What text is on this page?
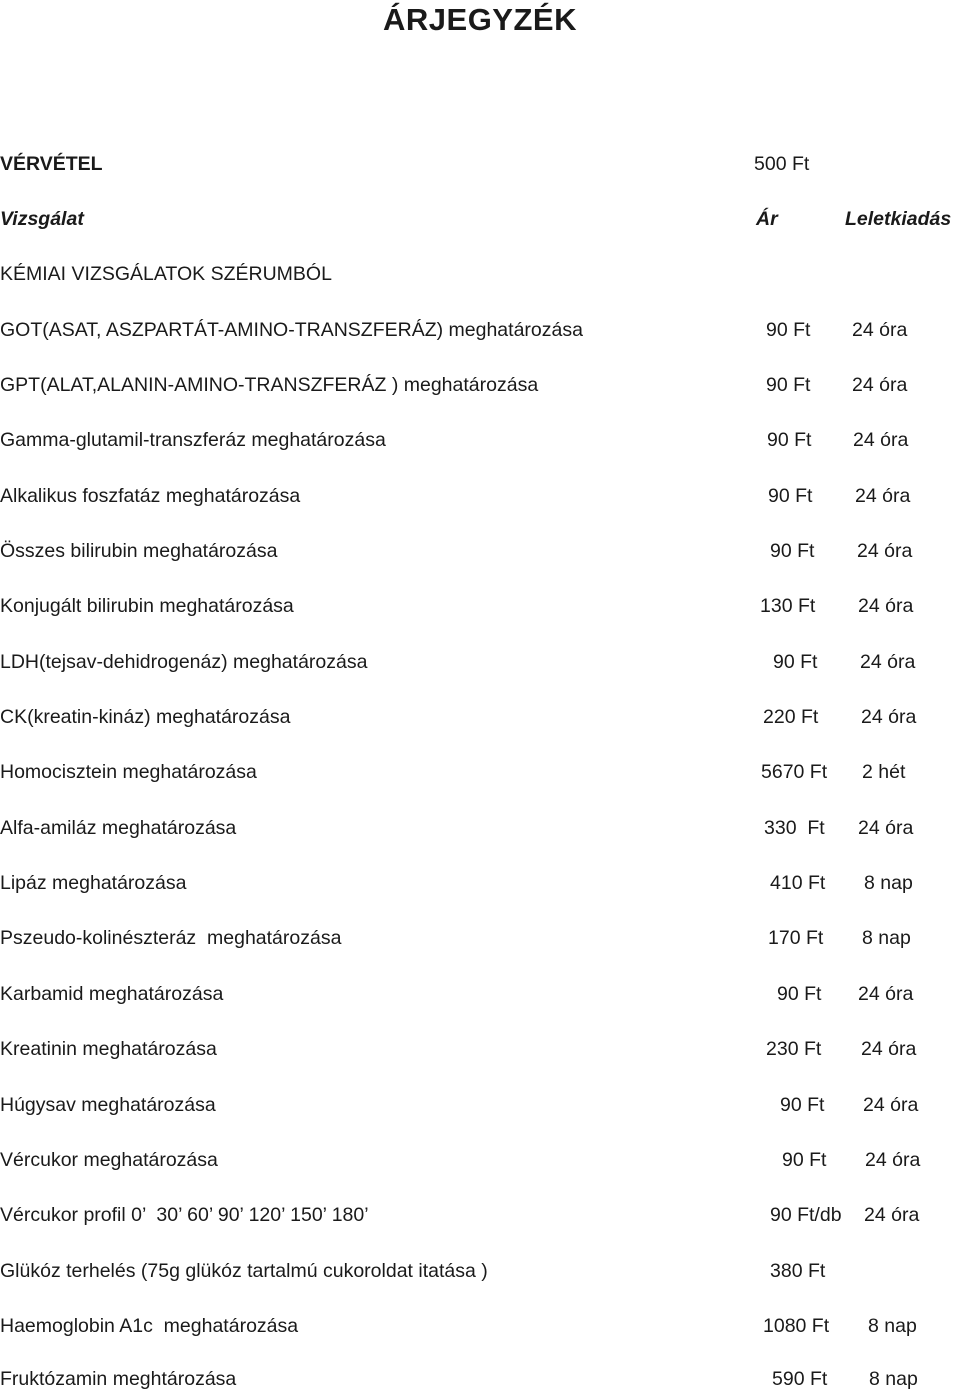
ÁRJEGYZÉK
VÉRVÉTEL	500 Ft
Vizsgálat	Ár	Leletkiadás
KÉMIAI VIZSGÁLATOK SZÉRUMBÓL
GOT(ASAT, ASZPARTÁT-AMINO-TRANSZFERÁZ) meghatározása	90 Ft 24 óra
GPT(ALAT,ALANIN-AMINO-TRANSZFERÁZ ) meghatározása	90 Ft 24 óra
Gamma-glutamil-transzferáz meghatározása	90 Ft 24 óra
Alkalikus foszfatáz meghatározása	90 Ft 24 óra
Összes bilirubin meghatározása	90 Ft 24 óra
Konjugált bilirubin meghatározása	130 Ft 24 óra
LDH(tejsav-dehidrogenáz) meghatározása	90 Ft 24 óra
CK(kreatin-kináz) meghatározása	220 Ft 24 óra
Homocisztein meghatározása	5670 Ft 2 hét
Alfa-amiláz meghatározása	330  Ft 24 óra
Lipáz meghatározása	410 Ft 8 nap
Pszeudo-kolinészteráz  meghatározása	170 Ft 8 nap
Karbamid meghatározása	90 Ft 24 óra
Kreatinin meghatározása	230 Ft 24 óra
Húgysav meghatározása	90 Ft 24 óra
Vércukor meghatározása	90 Ft 24 óra
Vércukor profil 0’  30’ 60’ 90’ 120’ 150’ 180’	90 Ft/db 24 óra
Glükóz terhelés (75g glükóz tartalmú cukoroldat itatása )	380 Ft
Haemoglobin A1c  meghatározása	1080 Ft 8 nap
Fruktózamin meghtározása	590 Ft 8 nap
